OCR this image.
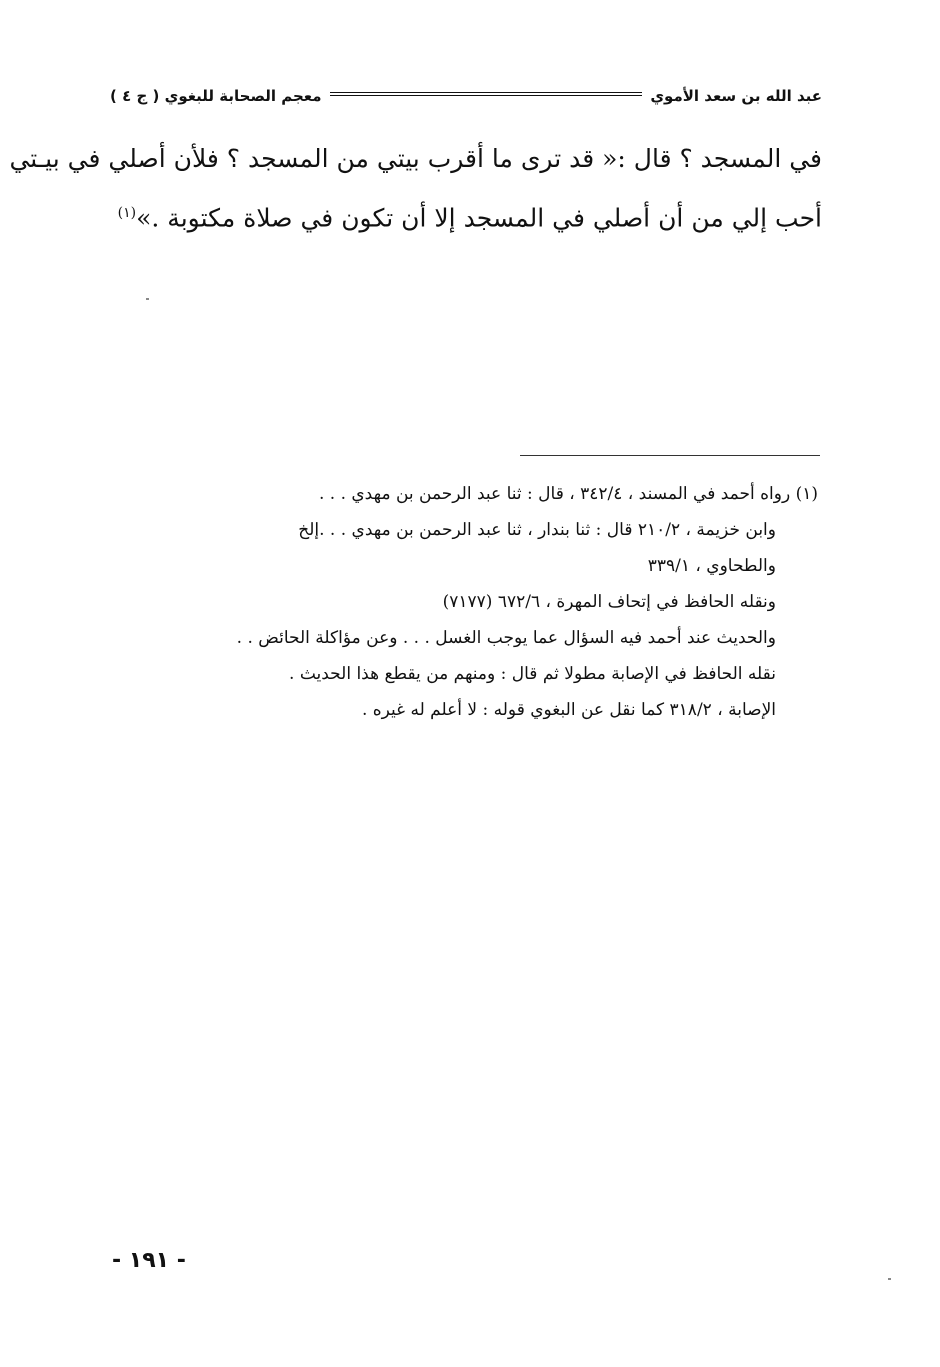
معجم الصحابة للبغوي ( ج ٤ )	عبد الله بن سعد الأموي

في المسجد ؟ قال :« قد ترى ما أقرب بيتي من المسجد ؟ فلأن أصلي في بيـتي

أحب إلي من أن أصلي في المسجد إلا أن تكون في صلاة مكتوبة .»$^{(١)}$

(١) رواه أحمد في المسند ، ٣٤٢/٤ ، قال : ثنا عبد الرحمن بن مهدي . . .

وابن خزيمة ، ٢١٠/٢ قال : ثنا بندار ، ثنا عبد الرحمن بن مهدي . . .إلخ

والطحاوي ، ٣٣٩/١

ونقله الحافظ في إتحاف المهرة ، ٦٧٢/٦ (٧١٧٧)

والحديث عند أحمد فيه السؤال عما يوجب الغسل . . . وعن مؤاكلة الحائض . .

نقله الحافظ في الإصابة مطولا ثم قال : ومنهم من يقطع هذا الحديث .

الإصابة ، ٣١٨/٢ كما نقل عن البغوي قوله : لا أعلم له غيره .

- ١٩١ -
